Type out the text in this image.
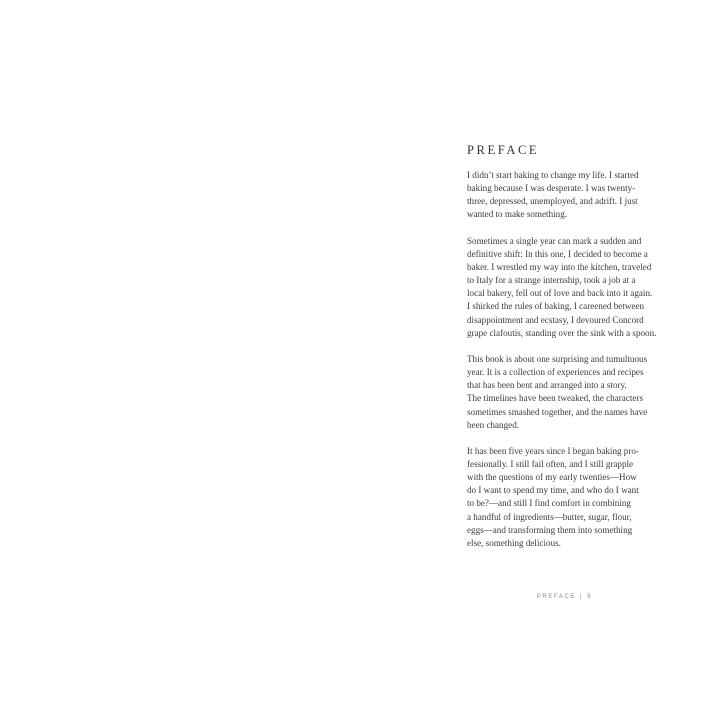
PREFACE

I didn’t start baking to change my life. I started
baking because I was desperate. I was twenty-
three, depressed, unemployed, and adrift. I just
wanted to make something.

Sometimes a single year can mark a sudden and
definitive shift: In this one, I decided to become a
baker. I wrestled my way into the kitchen, traveled
to Italy for a strange internship, took a job at a
local bakery, fell out of love and back into it again.
I shirked the rules of baking, I careened between
disappointment and ecstasy, I devoured Concord
grape clafoutis, standing over the sink with a spoon.

This book is about one surprising and tumultuous
year. It is a collection of experiences and recipes
that has been bent and arranged into a story.
The timelines have been tweaked, the characters
sometimes smashed together, and the names have
been changed.

It has been five years since I began baking pro-
fessionally. I still fail often, and I still grapple
with the questions of my early twenties—How
do I want to spend my time, and who do I want
to be?—and still I find comfort in combining
a handful of ingredients—butter, sugar, flour,
eggs—and transforming them into something
else, something delicious.

PREFACE | 9
